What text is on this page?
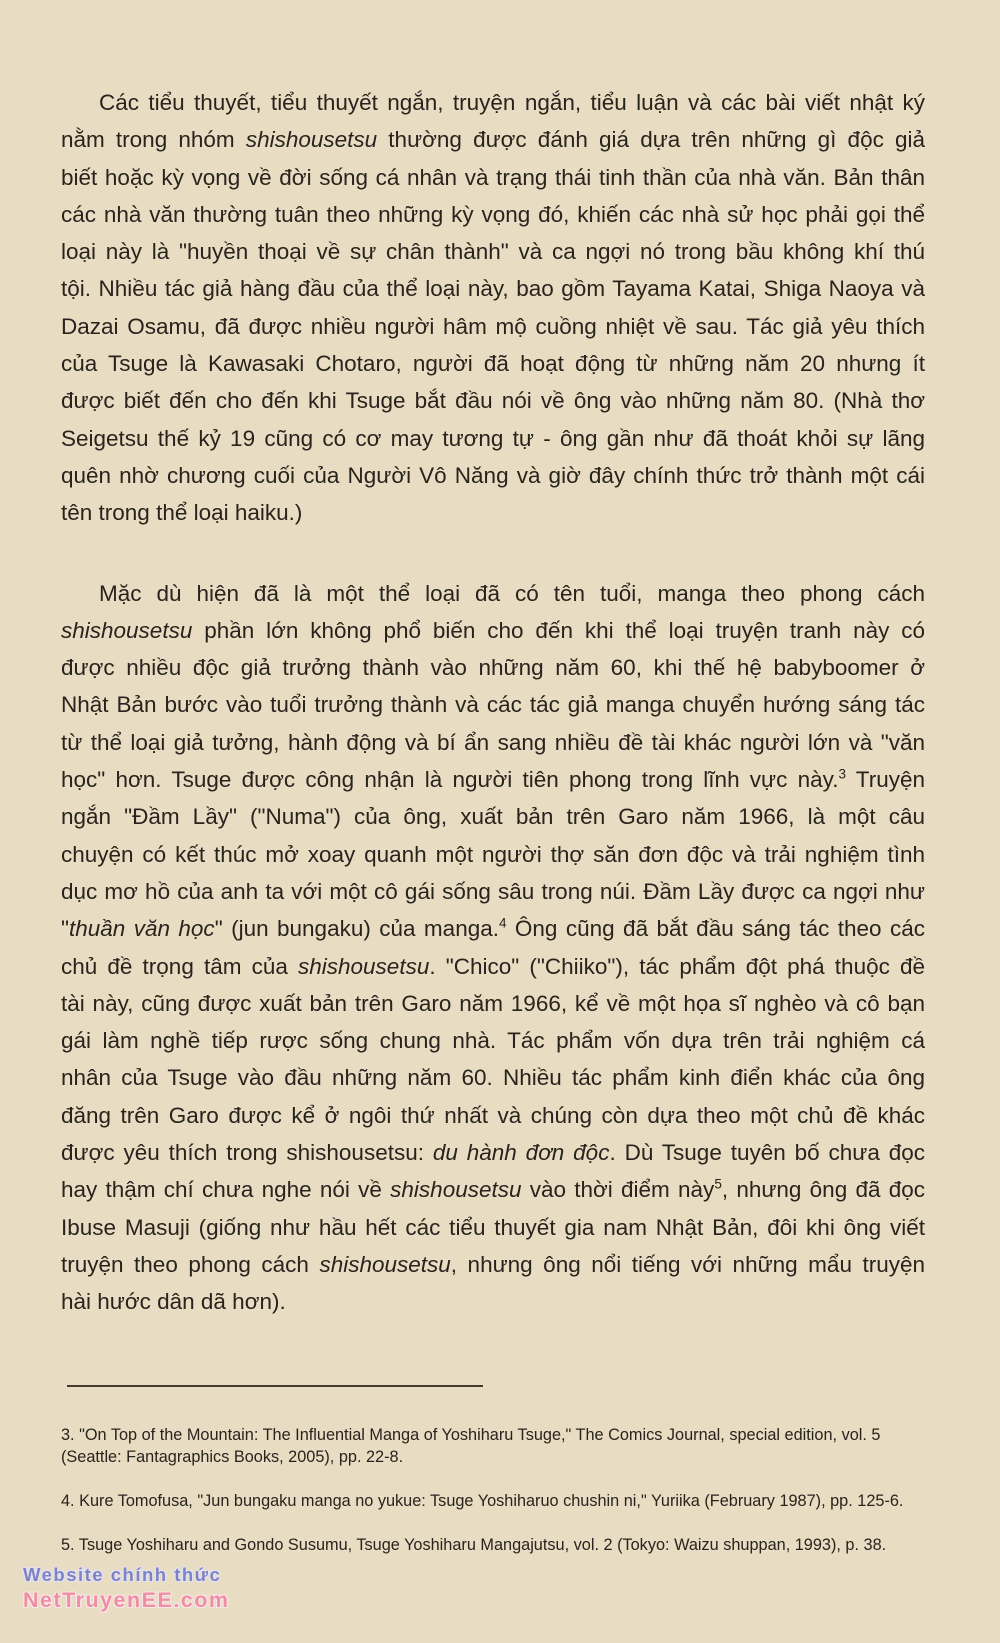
Các tiểu thuyết, tiểu thuyết ngắn, truyện ngắn, tiểu luận và các bài viết nhật ký
nằm trong nhóm shishousetsu thường được đánh giá dựa trên những gì độc giả
biết hoặc kỳ vọng về đời sống cá nhân và trạng thái tinh thần của nhà văn. Bản thân
các nhà văn thường tuân theo những kỳ vọng đó, khiến các nhà sử học phải gọi thể
loại này là "huyền thoại về sự chân thành" và ca ngợi nó trong bầu không khí thú
tội. Nhiều tác giả hàng đầu của thể loại này, bao gồm Tayama Katai, Shiga Naoya và
Dazai Osamu, đã được nhiều người hâm mộ cuồng nhiệt về sau. Tác giả yêu thích
của Tsuge là Kawasaki Chotaro, người đã hoạt động từ những năm 20 nhưng ít
được biết đến cho đến khi Tsuge bắt đầu nói về ông vào những năm 80. (Nhà thơ
Seigetsu thế kỷ 19 cũng có cơ may tương tự - ông gần như đã thoát khỏi sự lãng
quên nhờ chương cuối của Người Vô Năng và giờ đây chính thức trở thành một cái
tên trong thể loại haiku.)
Mặc dù hiện đã là một thể loại đã có tên tuổi, manga theo phong cách
shishousetsu phần lớn không phổ biến cho đến khi thể loại truyện tranh này có
được nhiều độc giả trưởng thành vào những năm 60, khi thế hệ babyboomer ở
Nhật Bản bước vào tuổi trưởng thành và các tác giả manga chuyển hướng sáng tác
từ thể loại giả tưởng, hành động và bí ẩn sang nhiều đề tài khác người lớn và "văn
học" hơn. Tsuge được công nhận là người tiên phong trong lĩnh vực này.$^3$ Truyện
ngắn "Đầm Lầy" ("Numa") của ông, xuất bản trên Garo năm 1966, là một câu
chuyện có kết thúc mở xoay quanh một người thợ săn đơn độc và trải nghiệm tình
dục mơ hồ của anh ta với một cô gái sống sâu trong núi. Đầm Lầy được ca ngợi như
"thuần văn học" (jun bungaku) của manga.$^4$ Ông cũng đã bắt đầu sáng tác theo các
chủ đề trọng tâm của shishousetsu. "Chico" ("Chiiko"), tác phẩm đột phá thuộc đề
tài này, cũng được xuất bản trên Garo năm 1966, kể về một họa sĩ nghèo và cô bạn
gái làm nghề tiếp rược sống chung nhà. Tác phẩm vốn dựa trên trải nghiệm cá
nhân của Tsuge vào đầu những năm 60. Nhiều tác phẩm kinh điển khác của ông
đăng trên Garo được kể ở ngôi thứ nhất và chúng còn dựa theo một chủ đề khác
được yêu thích trong shishousetsu: du hành đơn độc. Dù Tsuge tuyên bố chưa đọc
hay thậm chí chưa nghe nói về shishousetsu vào thời điểm này$^5$, nhưng ông đã đọc
Ibuse Masuji (giống như hầu hết các tiểu thuyết gia nam Nhật Bản, đôi khi ông viết
truyện theo phong cách shishousetsu, nhưng ông nổi tiếng với những mẩu truyện
hài hước dân dã hơn).
3. "On Top of the Mountain: The Influential Manga of Yoshiharu Tsuge," The Comics Journal, special edition, vol. 5
(Seattle: Fantagraphics Books, 2005), pp. 22-8.
4. Kure Tomofusa, "Jun bungaku manga no yukue: Tsuge Yoshiharuo chushin ni," Yuriika (February 1987), pp. 125-6.
5. Tsuge Yoshiharu and Gondo Susumu, Tsuge Yoshiharu Mangajutsu, vol. 2 (Tokyo: Waizu shuppan, 1993), p. 38.
Website chính thức
NetTruyenEE.com
